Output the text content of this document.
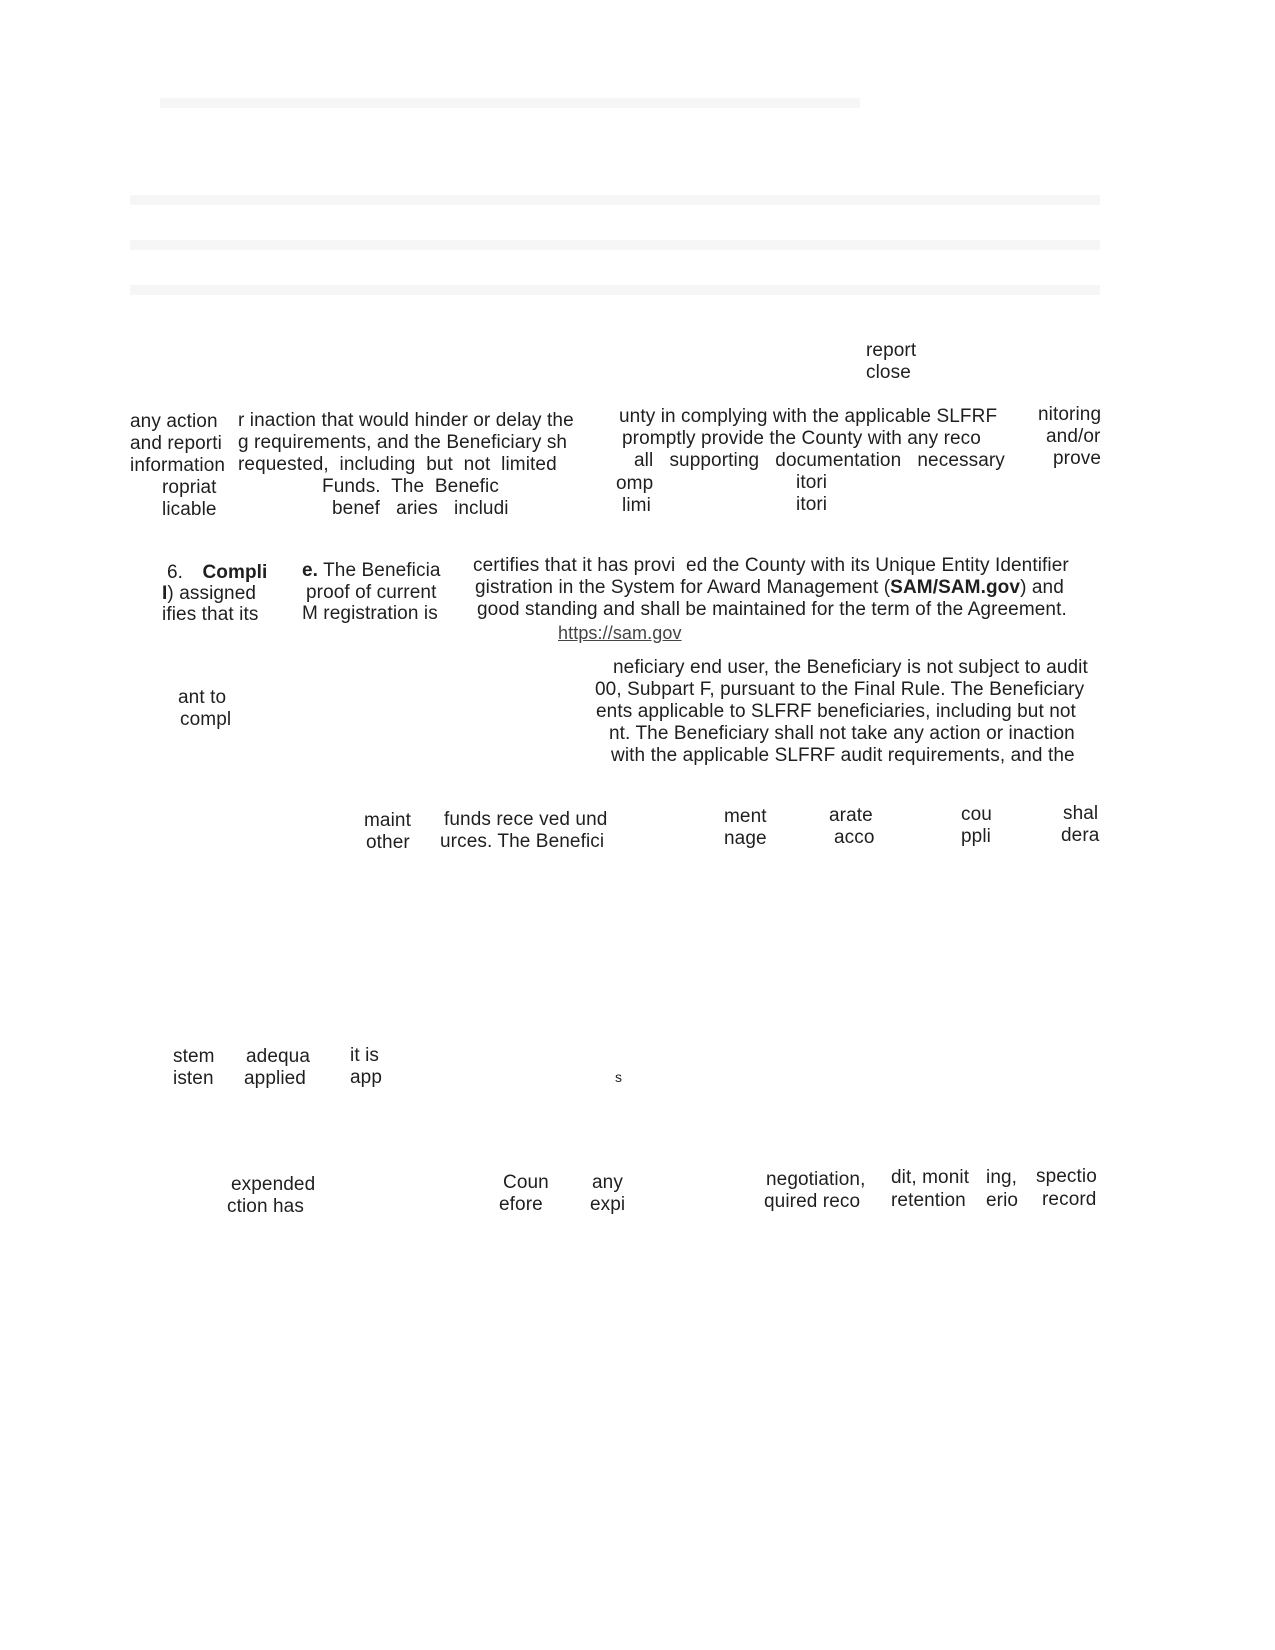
report
close
any action
and reporti
information
ropriat
licable
r inaction that would hinder or delay the
g requirements, and the Beneficiary sh
requested,  including  but  not  limited
Funds.  The  Benefic
benef   aries   includi
unty in complying with the applicable SLFRF
promptly provide the County with any reco
all   supporting   documentation   necessary
omp
limi
itori
itori
nitoring
and/or
prove
6. Compli
I) assigned
ifies that its
e. The Beneficia
proof of current
M registration is
certifies that it has provi  ed the County with its Unique Entity Identifier
gistration in the System for Award Management (SAM/SAM.gov) and
good standing and shall be maintained for the term of the Agreement.
https://sam.gov
ant to
compl
neficiary end user, the Beneficiary is not subject to audit
00, Subpart F, pursuant to the Final Rule. The Beneficiary
ents applicable to SLFRF beneficiaries, including but not
nt. The Beneficiary shall not take any action or inaction
with the applicable SLFRF audit requirements, and the
maint
other
funds rece ved und
urces. The Benefici
ment
nage
arate
acco
cou
ppli
shal
dera
stem
isten
adequa
applied
it is
app	s
expended
ction has
Coun
efore
any
expi
negotiation,
quired reco
dit, monit
retention
ing,
erio
spectio
record
